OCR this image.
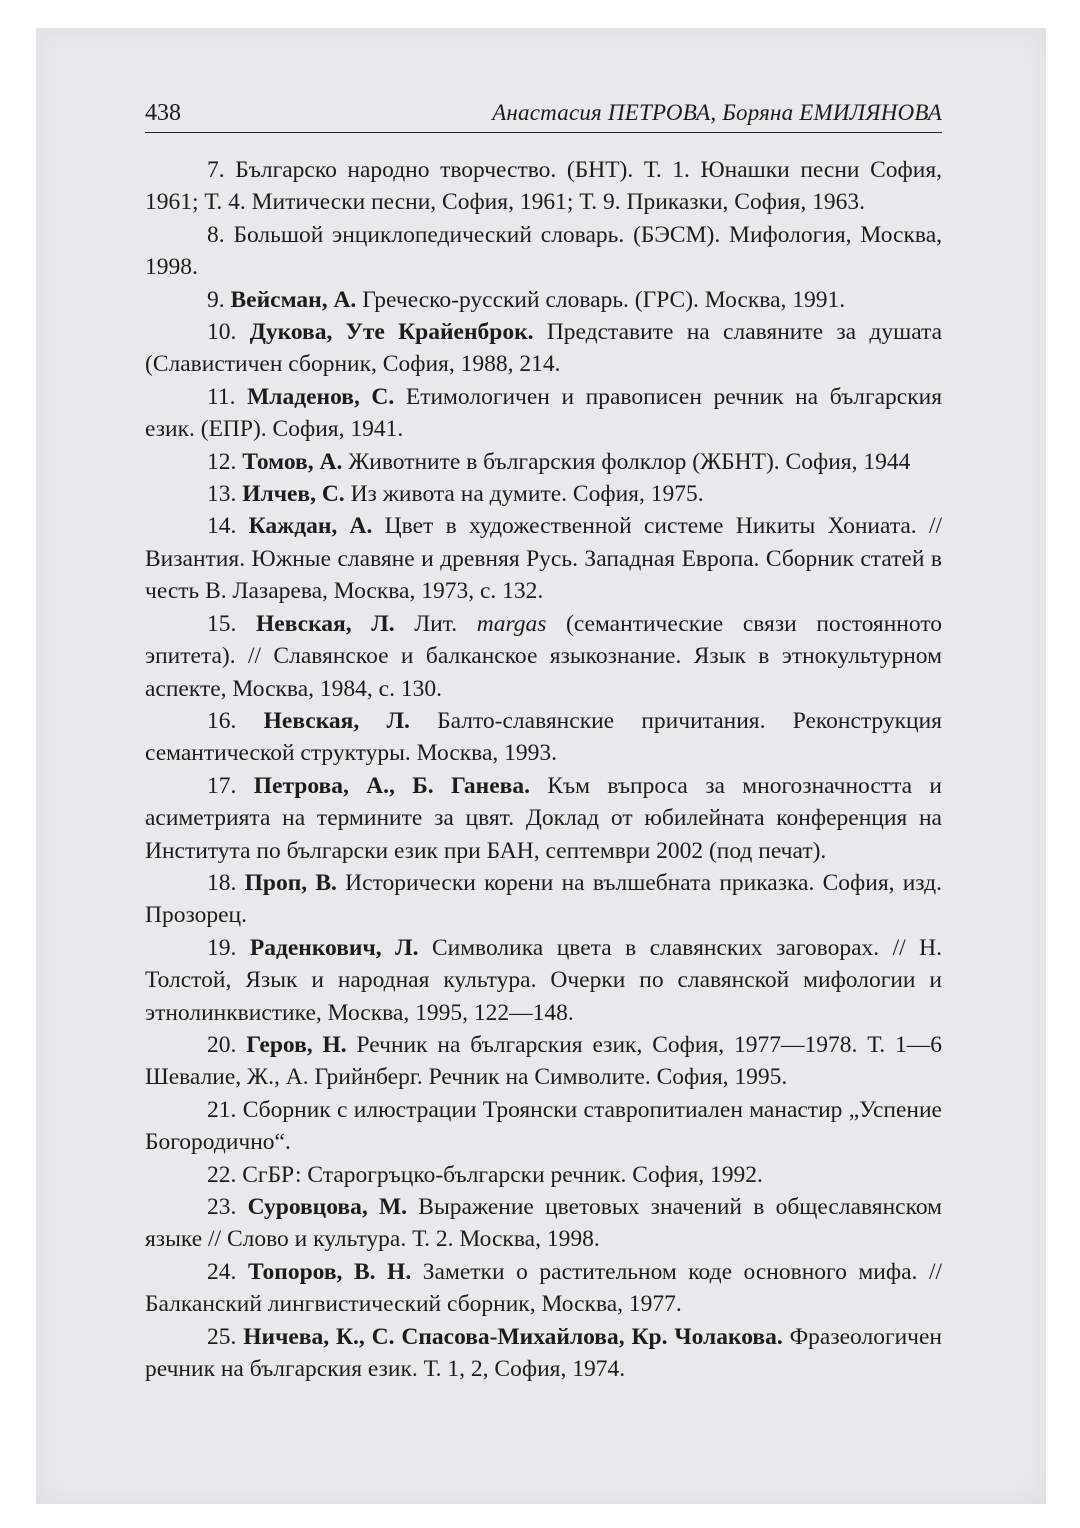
438	Анастасия ПЕТРОВА, Боряна ЕМИЛЯНОВА

7. Българско народно творчество. (БНТ). Т. 1. Юнашки песни София, 1961; Т. 4. Митически песни, София, 1961; Т. 9. Приказки, София, 1963.

8. Большой энциклопедический словарь. (БЭСМ). Мифология, Москва, 1998.

9. Вейсман, А. Греческо-русский словарь. (ГРС). Москва, 1991.

10. Дукова, Уте Крайенброк. Представите на славяните за душата (Славистичен сборник, София, 1988, 214.

11. Младенов, С. Етимологичен и правописен речник на българския език. (ЕПР). София, 1941.

12. Томов, А. Животните в българския фолклор (ЖБНТ). София, 1944

13. Илчев, С. Из живота на думите. София, 1975.

14. Каждан, А. Цвет в художественной системе Никиты Хониата. //Византия. Южные славяне и древняя Русь. Западная Европа. Сборник статей в честь В. Лазарева, Москва, 1973, с. 132.

15. Невская, Л. Лит. margas (семантические связи постоянното эпитета). // Славянское и балканское языкознание. Язык в этнокультурном аспекте, Москва, 1984, с. 130.

16. Невская, Л. Балто-славянские причитания. Реконструкция семантической структуры. Москва, 1993.

17. Петрова, А., Б. Ганева. Към въпроса за многозначността и асиметрията на термините за цвят. Доклад от юбилейната конференция на Института по български език при БАН, септември 2002 (под печат).

18. Проп, В. Исторически корени на вълшебната приказка. София, изд. Прозорец.

19. Раденкович, Л. Символика цвета в славянских заговорах. // Н. Толстой, Язык и народная культура. Очерки по славянской мифологии и этнолинквистике, Москва, 1995, 122—148.

20. Геров, Н. Речник на българския език, София, 1977—1978. Т. 1—6 Шевалие, Ж., А. Грийнберг. Речник на Символите. София, 1995.

21. Сборник с илюстрации Троянски ставропитиален манастир „Успение Богородично“.

22. СгБР: Старогръцко-български речник. София, 1992.

23. Суровцова, М. Выражение цветовых значений в общеславянском языке // Слово и культура. Т. 2. Москва, 1998.

24. Топоров, В. Н. Заметки о растительном коде основного мифа. // Балканский лингвистический сборник, Москва, 1977.

25. Ничева, К., С. Спасова-Михайлова, Кр. Чолакова. Фразеологичен речник на българския език. Т. 1, 2, София, 1974.
